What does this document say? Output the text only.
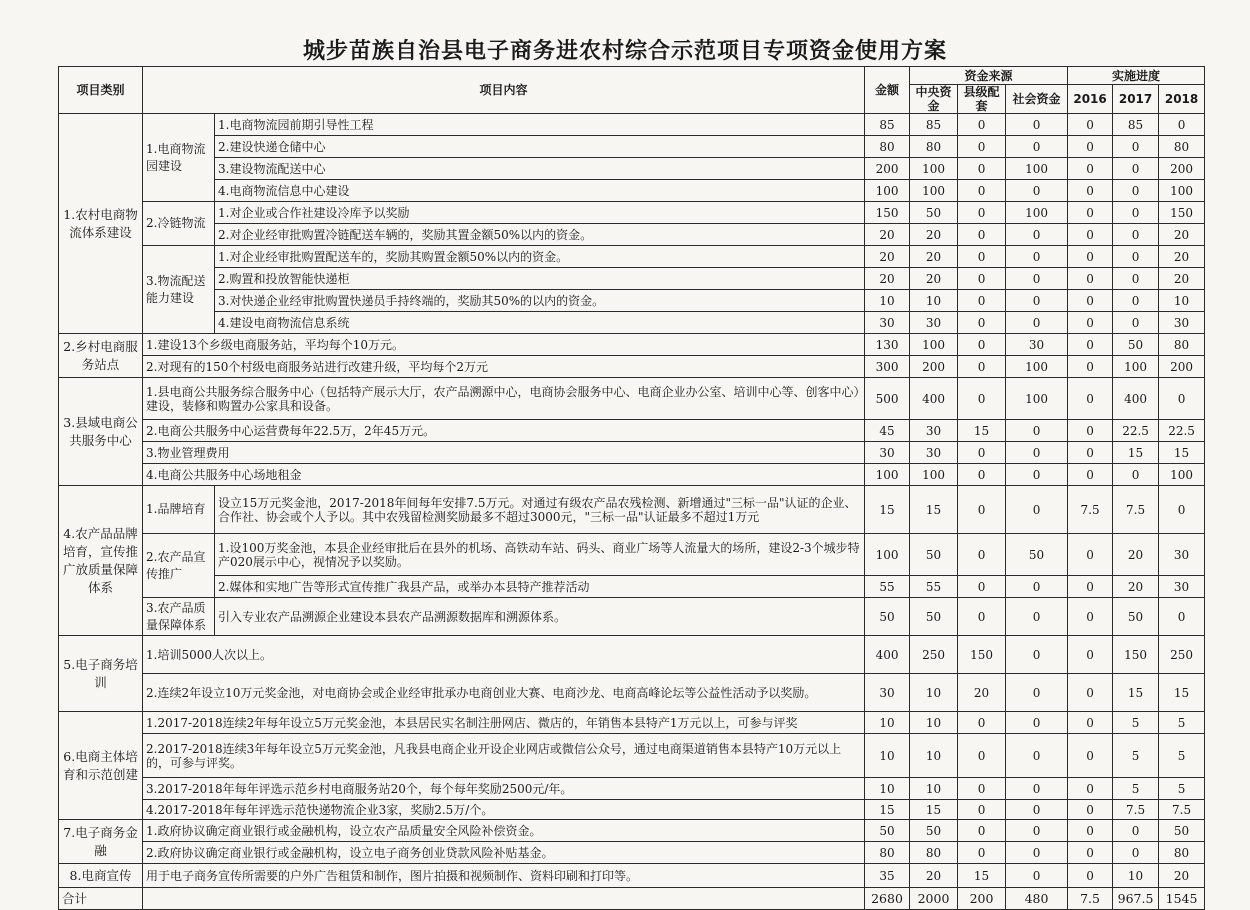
城步苗族自治县电子商务进农村综合示范项目专项资金使用方案
项目类别	项目内容		金额	资金来源			实施进度		
				中央资金	县级配套	社会资金	2016	2017	2018
1.农村电商物流体系建设	1.电商物流园建设	1.电商物流园前期引导性工程	85	85	0	0	0	85	0
		2.建设快递仓储中心	80	80	0	0	0	0	80
		3.建设物流配送中心	200	100	0	100	0	0	200
		4.电商物流信息中心建设	100	100	0	0	0	0	100
	2.冷链物流	1.对企业或合作社建设冷库予以奖励	150	50	0	100	0	0	150
		2.对企业经审批购置冷链配送车辆的，奖励其置金额50%以内的资金。	20	20	0	0	0	0	20
	3.物流配送能力建设	1.对企业经审批购置配送车的，奖励其购置金额50%以内的资金。	20	20	0	0	0	0	20
		2.购置和投放智能快递柜	20	20	0	0	0	0	20
		3.对快递企业经审批购置快递员手持终端的，奖励其50%的以内的资金。	10	10	0	0	0	0	10
		4.建设电商物流信息系统	30	30	0	0	0	0	30
2.乡村电商服务站点	1.建设13个乡级电商服务站，平均每个10万元。		130	100	0	30	0	50	80
	2.对现有的150个村级电商服务站进行改建升级，平均每个2万元		300	200	0	100	0	100	200
3.县域电商公共服务中心	1.县电商公共服务综合服务中心（包括特产展示大厅，农产品溯源中心，电商协会服务中心、电商企业办公室、培训中心等、创客中心）建设，装修和购置办公家具和设备。		500	400	0	100	0	400	0
	2.电商公共服务中心运营费每年22.5万，2年45万元。		45	30	15	0	0	22.5	22.5
	3.物业管理费用		30	30	0	0	0	15	15
	4.电商公共服务中心场地租金		100	100	0	0	0	0	100
4.农产品品牌培育，宣传推广放质量保障体系	1.品牌培育	设立15万元奖金池，2017-2018年间每年安排7.5万元。对通过有级农产品农残检测、新增通过"三标一品"认证的企业、合作社、协会或个人予以。其中农残留检测奖励最多不超过3000元，"三标一品"认证最多不超过1万元	15	15	0	0	7.5	7.5	0
	2.农产品宣传推广	1.设100万奖金池，本县企业经审批后在县外的机场、高铁动车站、码头、商业广场等人流量大的场所，建设2-3个城步特产020展示中心，视情况予以奖励。	100	50	0	50	0	20	30
		2.媒体和实地广告等形式宣传推广我县产品，或举办本县特产推荐活动	55	55	0	0	0	20	30
	3.农产品质量保障体系	引入专业农产品溯源企业建设本县农产品溯源数据库和溯源体系。	50	50	0	0	0	50	0
5.电子商务培训	1.培训5000人次以上。		400	250	150	0	0	150	250
	2.连续2年设立10万元奖金池，对电商协会或企业经审批承办电商创业大赛、电商沙龙、电商高峰论坛等公益性活动予以奖励。		30	10	20	0	0	15	15
6.电商主体培育和示范创建	1.2017-2018连续2年每年设立5万元奖金池，本县居民实名制注册网店、微店的，年销售本县特产1万元以上，可参与评奖		10	10	0	0	0	5	5
	2.2017-2018连续3年每年设立5万元奖金池，凡我县电商企业开设企业网店或微信公众号，通过电商渠道销售本县特产10万元以上的，可参与评奖。		10	10	0	0	0	5	5
	3.2017-2018年每年评选示范乡村电商服务站20个，每个每年奖励2500元/年。		10	10	0	0	0	5	5
	4.2017-2018年每年评选示范快递物流企业3家，奖励2.5万/个。		15	15	0	0	0	7.5	7.5
7.电子商务金融	1.政府协议确定商业银行或金融机构，设立农产品质量安全风险补偿资金。		50	50	0	0	0	0	50
	2.政府协议确定商业银行或金融机构，设立电子商务创业贷款风险补贴基金。		80	80	0	0	0	0	80
8.电商宣传	用于电子商务宣传所需要的户外广告租赁和制作，图片拍摄和视频制作、资料印刷和打印等。		35	20	15	0	0	10	20
合计			2680	2000	200	480	7.5	967.5	1545
